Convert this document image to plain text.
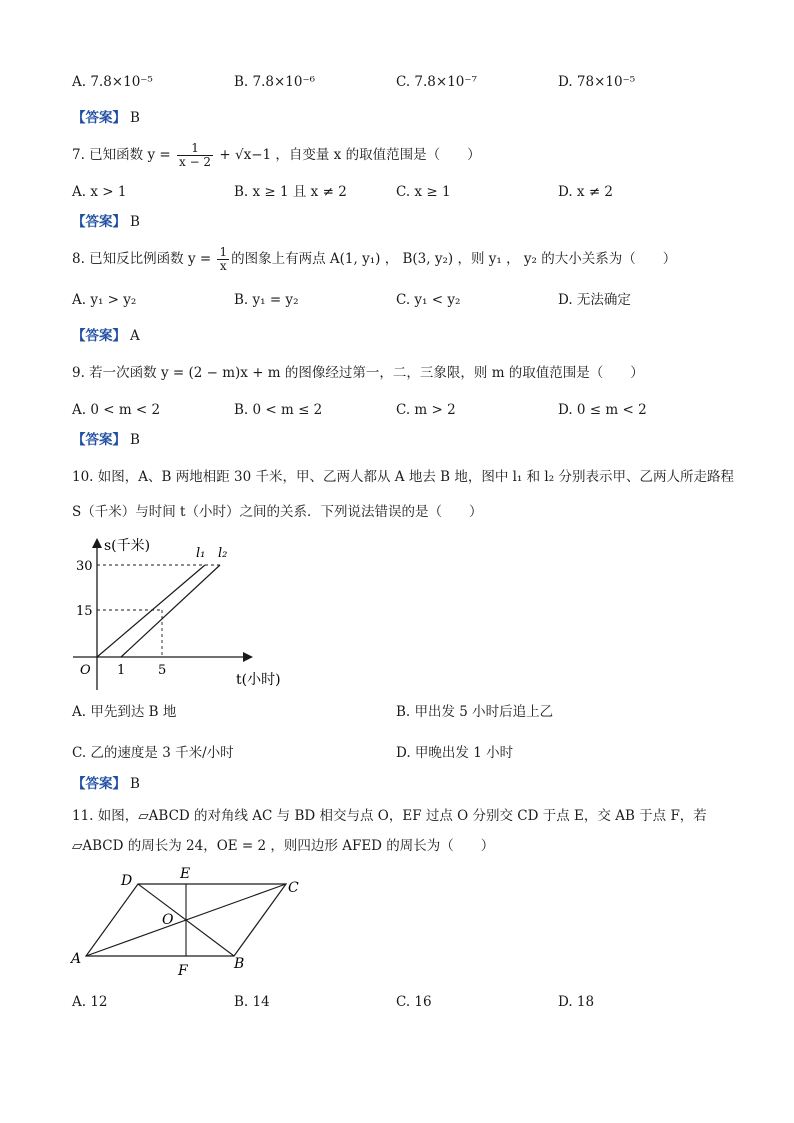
A. 7.8×10⁻⁵	B. 7.8×10⁻⁶	C. 7.8×10⁻⁷	D. 78×10⁻⁵
【答案】 B
7. 已知函数 $y = \frac{1}{x - 2} + √x-1$ ，自变量 x 的取值范围是（　　）
A. x > 1	B. x ≥ 1 且 x ≠ 2	C. x ≥ 1	D. x ≠ 2
【答案】 B
8. 已知反比例函数 $y = \frac{1}{x}$ 的图象上有两点 A(1, y₁) ， B(3, y₂) ，则 y₁ ， y₂ 的大小关系为（　　）
A. y₁ > y₂	B. y₁ = y₂	C. y₁ < y₂	D. 无法确定
【答案】 A
9. 若一次函数 y = (2 − m)x + m 的图像经过第一，二，三象限，则 m 的取值范围是（　　）
A. 0 < m < 2	B. 0 < m ≤ 2	C. m > 2	D. 0 ≤ m < 2
【答案】 B
10. 如图，A、B 两地相距 30 千米，甲、乙两人都从 A 地去 B 地，图中 l₁ 和 l₂ 分别表示甲、乙两人所走路程
S（千米）与时间 t（小时）之间的关系．下列说法错误的是（　　）
s(千米)
t(小时)
O
30
15
1	5
l₁ l₂
A. 甲先到达 B 地	B. 甲出发 5 小时后追上乙
C. 乙的速度是 3 千米/小时	D. 甲晚出发 1 小时
【答案】 B
11. 如图，▱ABCD 的对角线 AC 与 BD 相交与点 O，EF 过点 O 分别交 CD 于点 E，交 AB 于点 F，若
▱ABCD 的周长为 24，OE = 2 ，则四边形 AFED 的周长为（　　）
D	C
A	B
E
F
O
A. 12	B. 14	C. 16	D. 18
